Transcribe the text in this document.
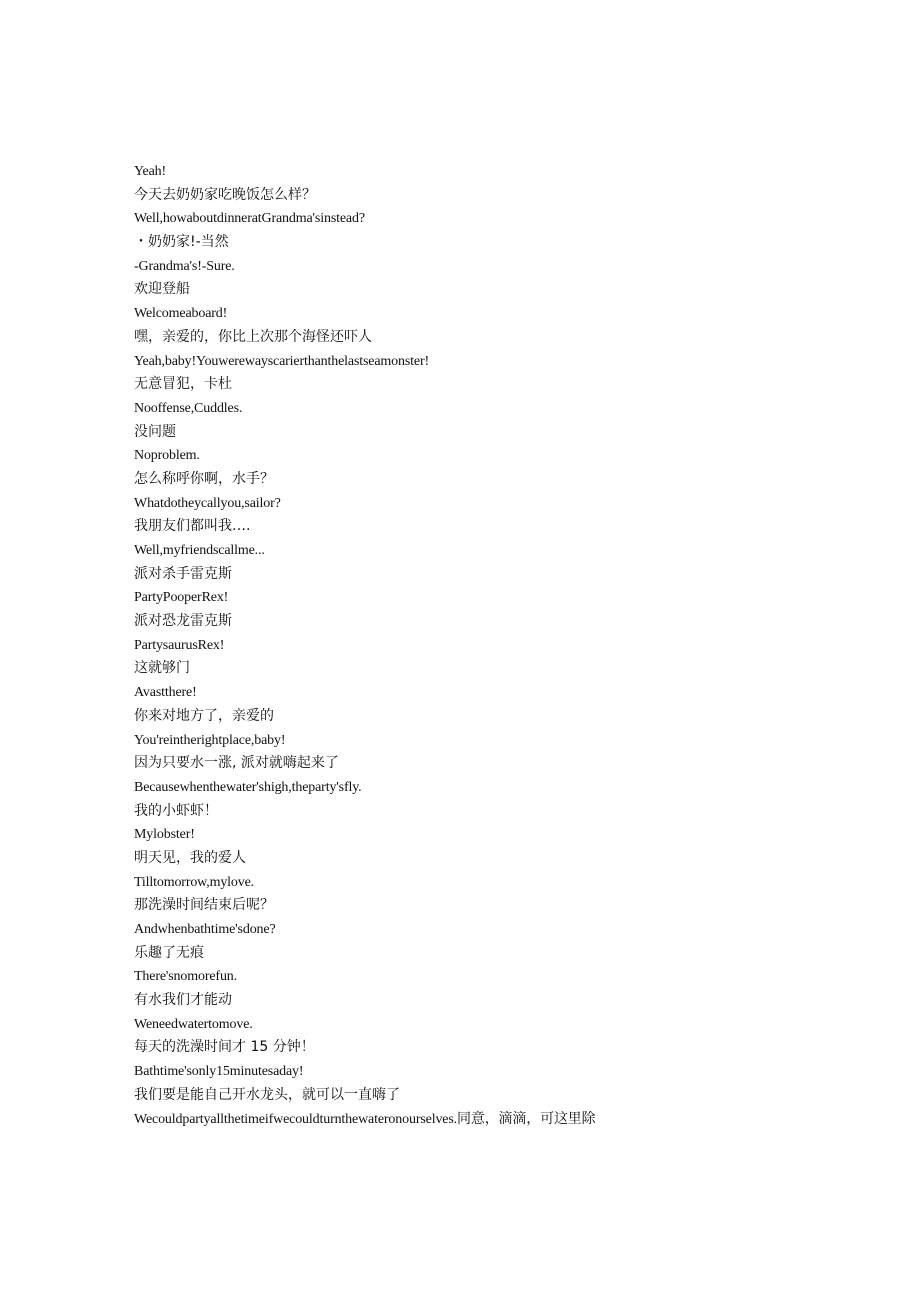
Yeah!
今天去奶奶家吃晚饭怎么样？
Well,howaboutdinneratGrandma'sinstead?
・奶奶家!-当然
-Grandma's!-Sure.
欢迎登船
Welcomeaboard!
嘿，亲爱的，你比上次那个海怪还吓人
Yeah,baby!Youwerewayscarierthanthelastseamonster!
无意冒犯，卡杜
Nooffense,Cuddles.
没问题
Noproblem.
怎么称呼你啊，水手？
Whatdotheycallyou,sailor?
我朋友们都叫我….
Well,myfriendscallme...
派对杀手雷克斯
PartyPooperRex!
派对恐龙雷克斯
PartysaurusRex!
这就够门
Avastthere!
你来对地方了，亲爱的
You'reintherightplace,baby!
因为只要水一涨, 派对就嗨起来了
Becausewhenthewater'shigh,theparty'sfly.
我的小虾虾！
Mylobster!
明天见，我的爱人
Tilltomorrow,mylove.
那洗澡时间结束后呢？
Andwhenbathtime'sdone?
乐趣了无痕
There'snomorefun.
有水我们才能动
Weneedwatertomove.
每天的洗澡时间才 15 分钟！
Bathtime'sonly15minutesaday!
我们要是能自己开水龙头，就可以一直嗨了
Wecouldpartyallthetimeifwecouldturnthewateronourselves.同意，滴滴，可这里除
